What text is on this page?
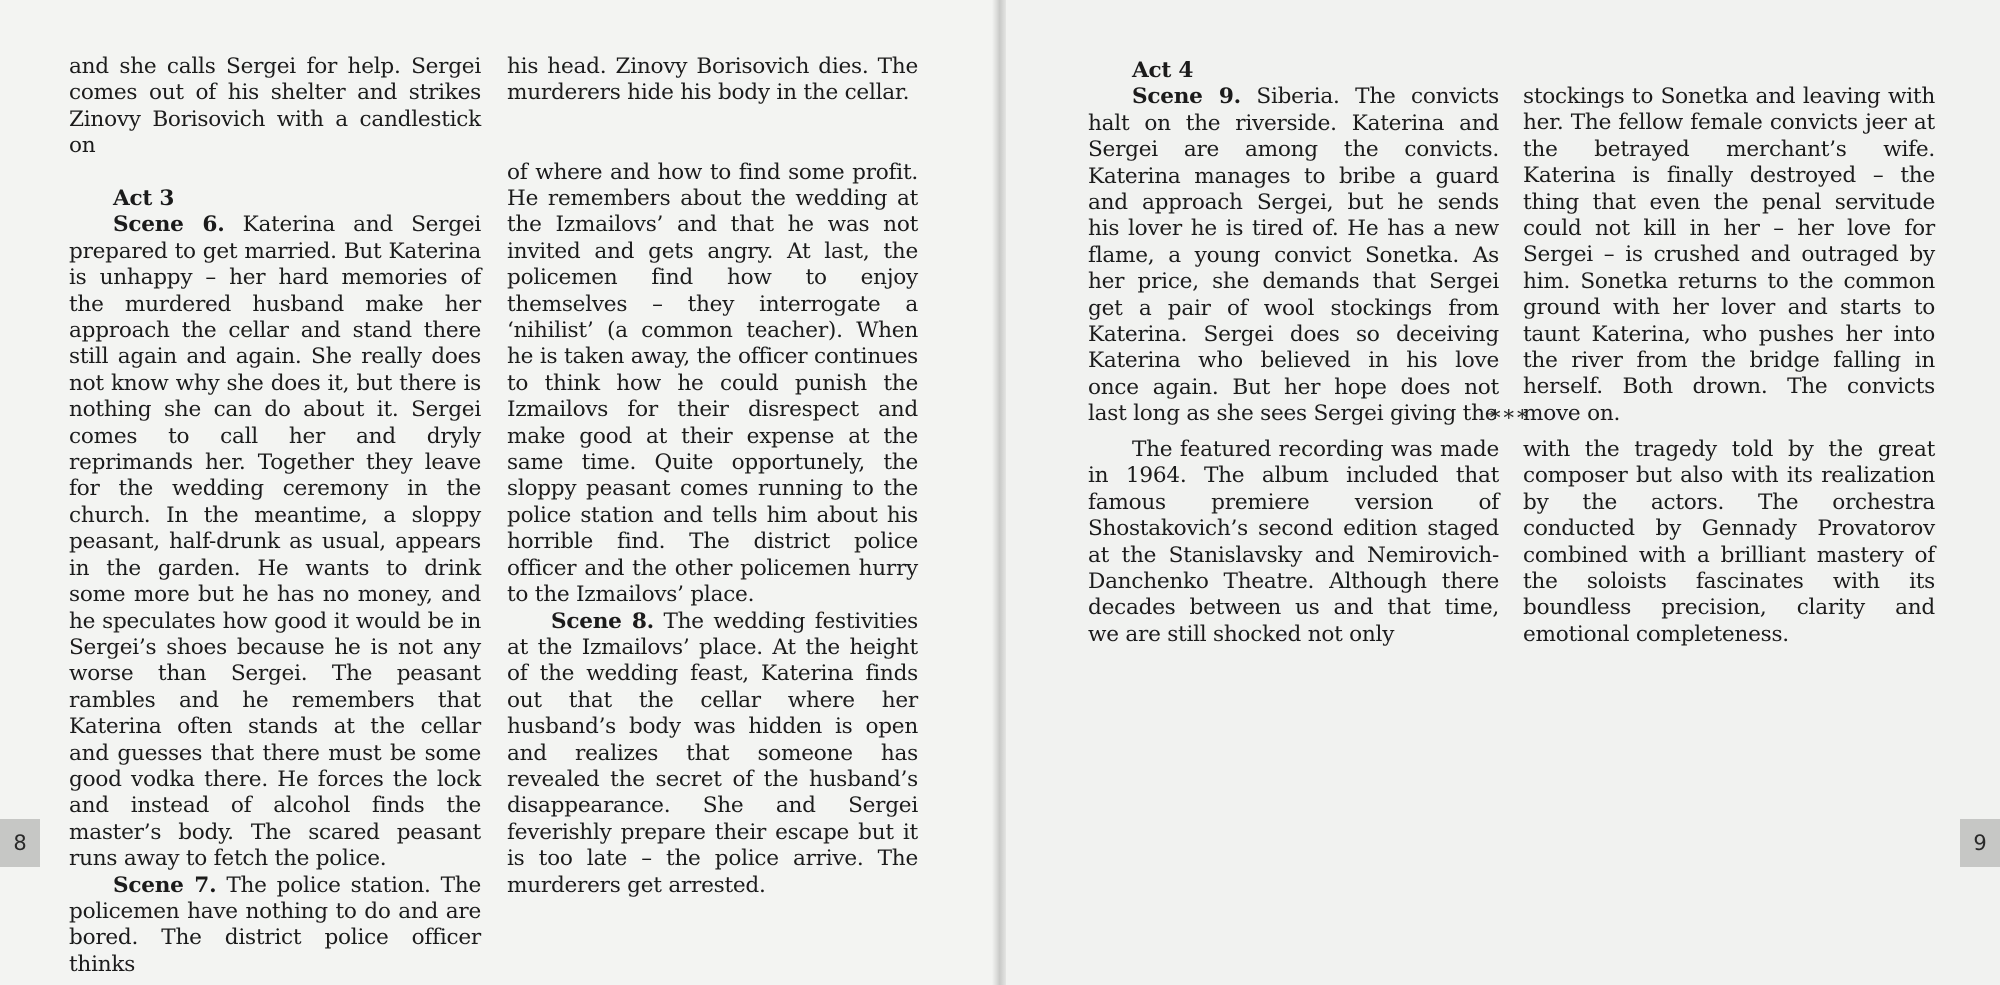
and she calls Sergei for help. Sergei comes out of his shelter and strikes Zinovy Borisovich with a candlestick on

Act 3

Scene 6. Katerina and Sergei prepared to get married. But Katerina is unhappy – her hard memories of the murdered husband make her approach the cellar and stand there still again and again. She really does not know why she does it, but there is nothing she can do about it. Sergei comes to call her and dryly reprimands her. Together they leave for the wedding ceremony in the church. In the meantime, a sloppy peasant, half-drunk as usual, appears in the garden. He wants to drink some more but he has no money, and he speculates how good it would be in Sergei’s shoes because he is not any worse than Sergei. The peasant rambles and he remembers that Katerina often stands at the cellar and guesses that there must be some good vodka there. He forces the lock and instead of alcohol finds the master’s body. The scared peasant runs away to fetch the police.

Scene 7. The police station. The policemen have nothing to do and are bored. The district police officer thinks

his head. Zinovy Borisovich dies. The murderers hide his body in the cellar.

of where and how to find some profit. He remembers about the wedding at the Izmailovs’ and that he was not invited and gets angry. At last, the policemen find how to enjoy themselves – they interrogate a ‘nihilist’ (a common teacher). When he is taken away, the officer continues to think how he could punish the Izmailovs for their disrespect and make good at their expense at the same time. Quite opportunely, the sloppy peasant comes running to the police station and tells him about his horrible find. The district police officer and the other policemen hurry to the Izmailovs’ place.

Scene 8. The wedding festivities at the Izmailovs’ place. At the height of the wedding feast, Katerina finds out that the cellar where her husband’s body was hidden is open and realizes that someone has revealed the secret of the husband’s disappearance. She and Sergei feverishly prepare their escape but it is too late – the police arrive. The murderers get arrested.

8

Act 4

Scene 9. Siberia. The convicts halt on the riverside. Katerina and Sergei are among the convicts. Katerina manages to bribe a guard and approach Sergei, but he sends his lover he is tired of. He has a new flame, a young convict Sonetka. As her price, she demands that Sergei get a pair of wool stockings from Katerina. Sergei does so deceiving Katerina who believed in his love once again. But her hope does not last long as she sees Sergei giving the

stockings to Sonetka and leaving with her. The fellow female convicts jeer at the betrayed merchant’s wife. Katerina is finally destroyed – the thing that even the penal servitude could not kill in her – her love for Sergei – is crushed and outraged by him. Sonetka returns to the common ground with her lover and starts to taunt Katerina, who pushes her into the river from the bridge falling in herself. Both drown. The convicts move on.

***

The featured recording was made in 1964. The album included that famous premiere version of Shostakovich’s second edition staged at the Stanislavsky and Nemirovich-Danchenko Theatre. Although there decades between us and that time, we are still shocked not only

with the tragedy told by the great composer but also with its realization by the actors. The orchestra conducted by Gennady Provatorov combined with a brilliant mastery of the soloists fascinates with its boundless precision, clarity and emotional completeness.

9
